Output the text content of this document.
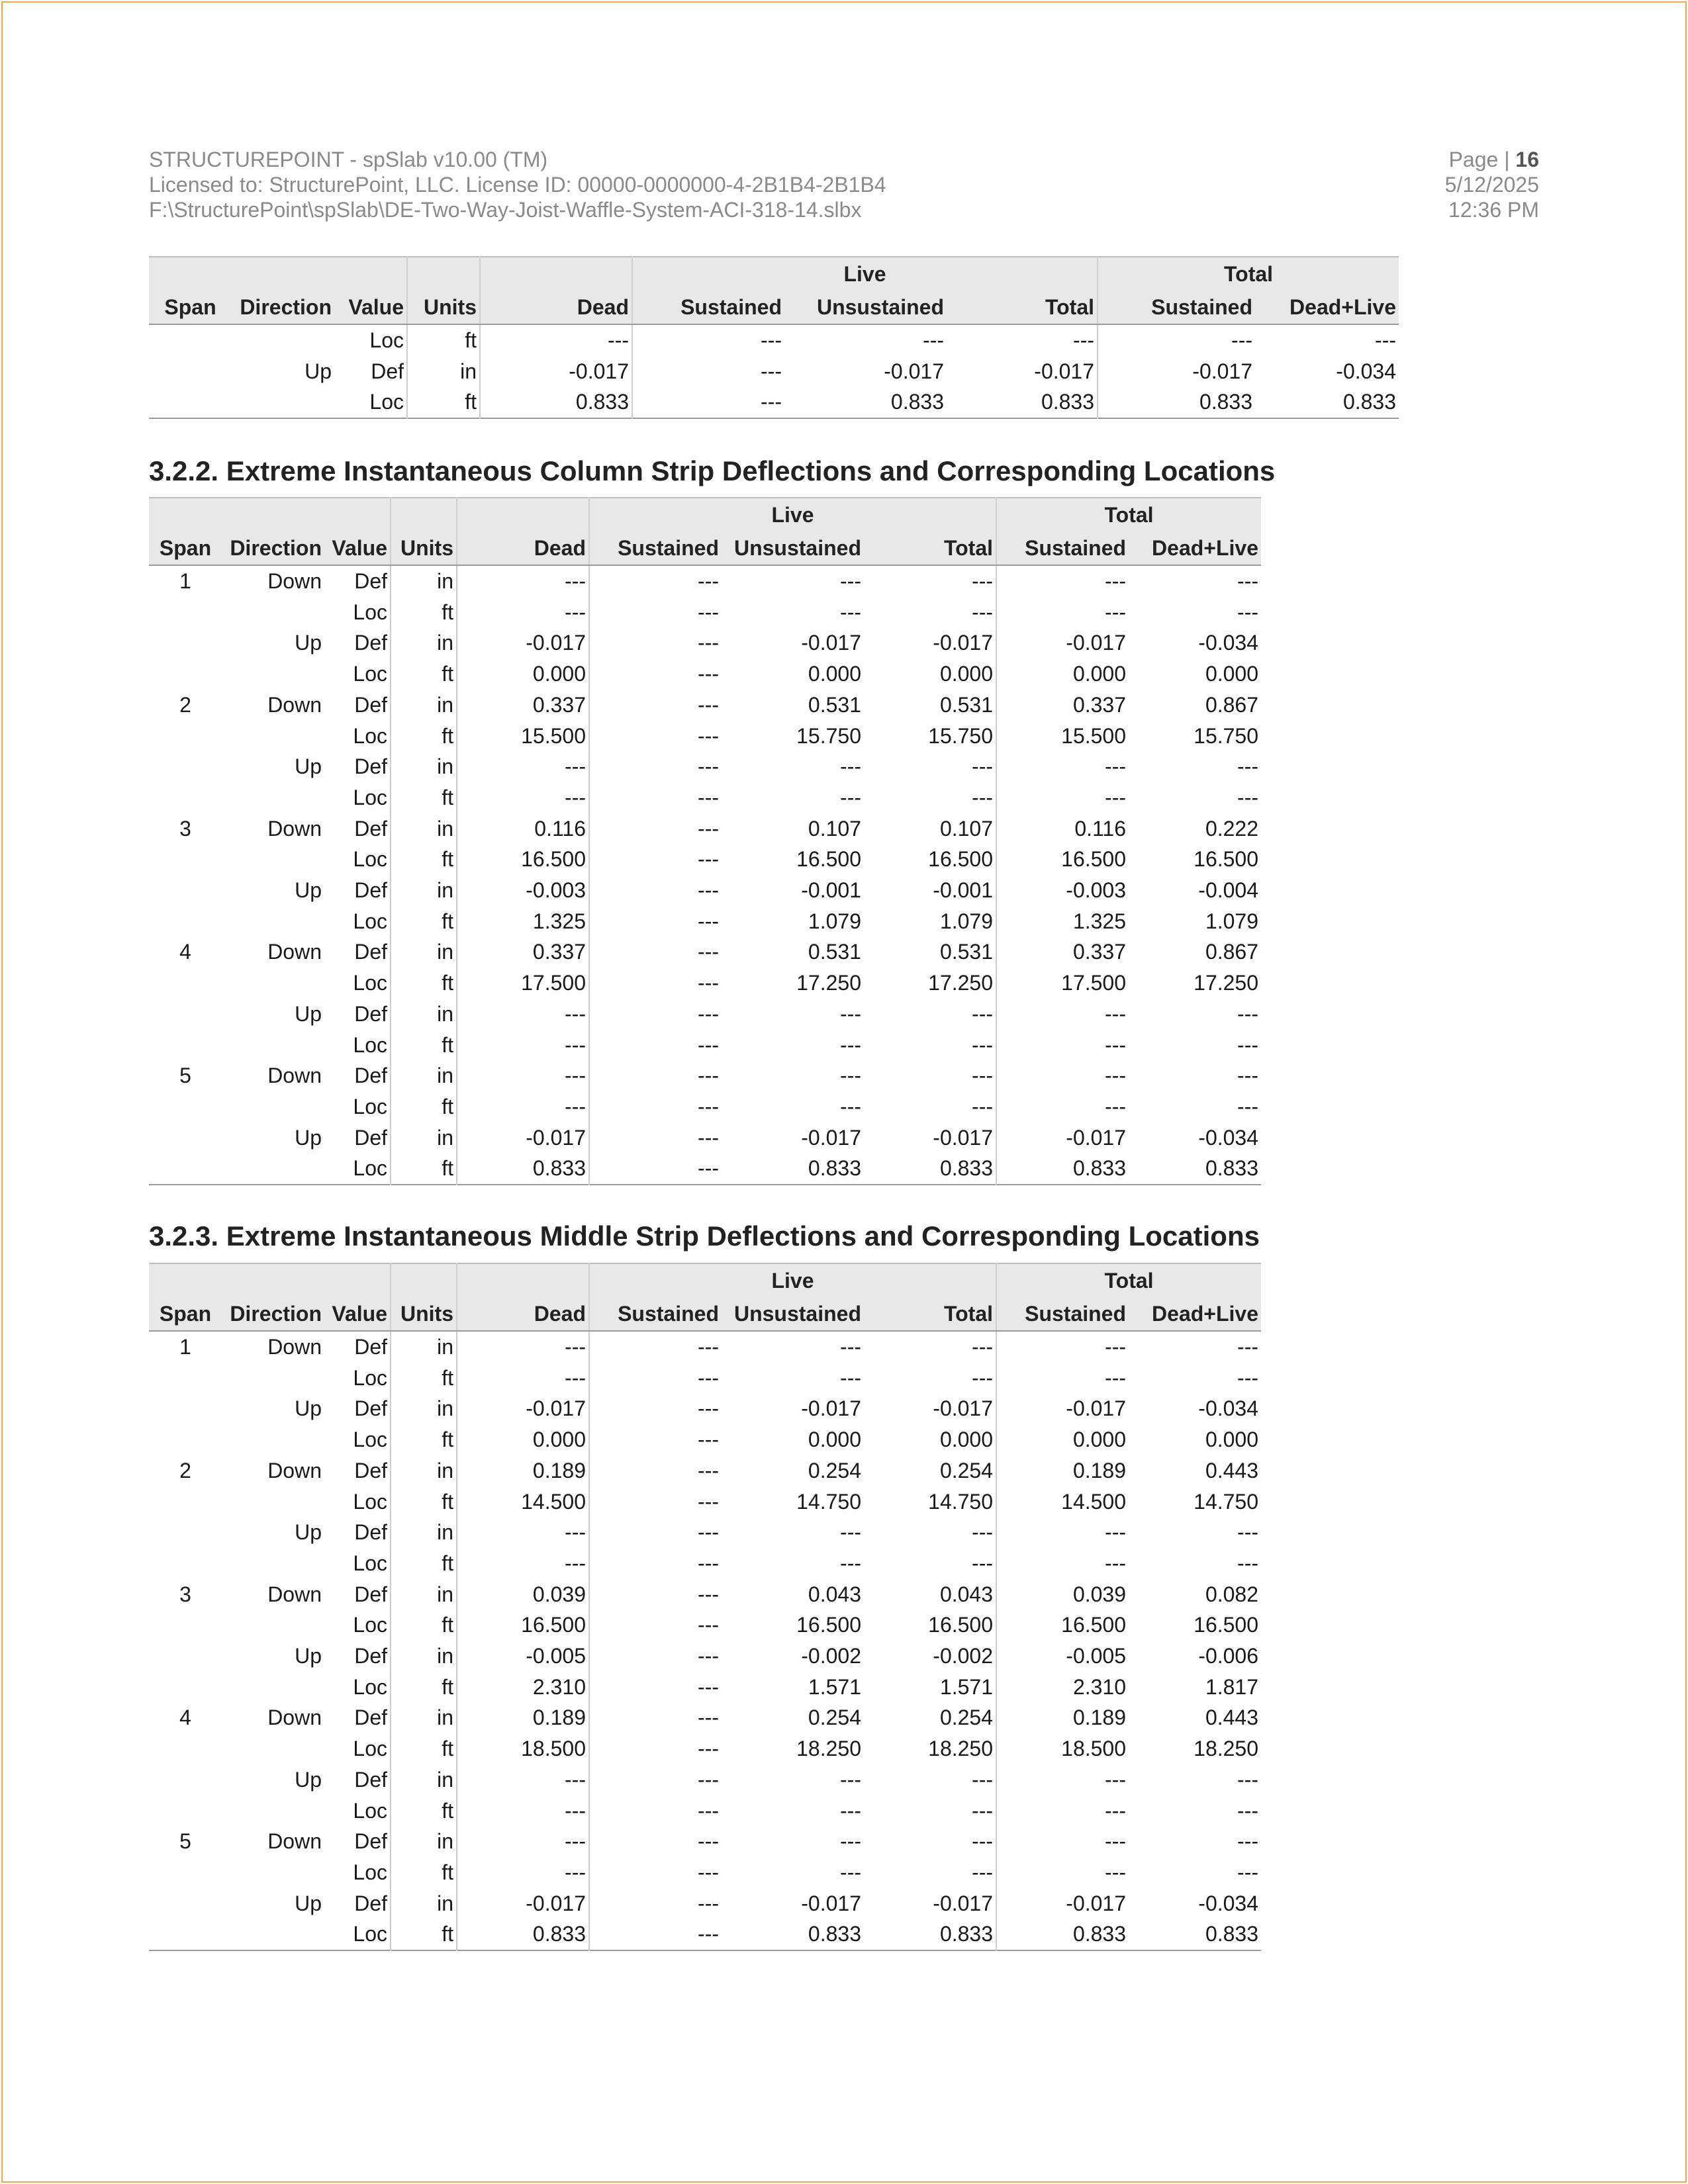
STRUCTUREPOINT - spSlab v10.00 (TM)
Licensed to: StructurePoint, LLC. License ID: 00000-0000000-4-2B1B4-2B1B4
F:\StructurePoint\spSlab\DE-Two-Way-Joist-Waffle-System-ACI-318-14.slbx
Page | 16
5/12/2025
12:36 PM
					Live			Total	
Span	Direction	Value	Units	Dead	Sustained	Unsustained	Total	Sustained	Dead+Live
		Loc	ft	---	---	---	---	---	---
	Up	Def	in	-0.017	---	-0.017	-0.017	-0.017	-0.034
		Loc	ft	0.833	---	0.833	0.833	0.833	0.833
3.2.2. Extreme Instantaneous Column Strip Deflections and Corresponding Locations
					Live			Total	
Span	Direction	Value	Units	Dead	Sustained	Unsustained	Total	Sustained	Dead+Live
1	Down	Def	in	---	---	---	---	---	---
		Loc	ft	---	---	---	---	---	---
	Up	Def	in	-0.017	---	-0.017	-0.017	-0.017	-0.034
		Loc	ft	0.000	---	0.000	0.000	0.000	0.000
2	Down	Def	in	0.337	---	0.531	0.531	0.337	0.867
		Loc	ft	15.500	---	15.750	15.750	15.500	15.750
	Up	Def	in	---	---	---	---	---	---
		Loc	ft	---	---	---	---	---	---
3	Down	Def	in	0.116	---	0.107	0.107	0.116	0.222
		Loc	ft	16.500	---	16.500	16.500	16.500	16.500
	Up	Def	in	-0.003	---	-0.001	-0.001	-0.003	-0.004
		Loc	ft	1.325	---	1.079	1.079	1.325	1.079
4	Down	Def	in	0.337	---	0.531	0.531	0.337	0.867
		Loc	ft	17.500	---	17.250	17.250	17.500	17.250
	Up	Def	in	---	---	---	---	---	---
		Loc	ft	---	---	---	---	---	---
5	Down	Def	in	---	---	---	---	---	---
		Loc	ft	---	---	---	---	---	---
	Up	Def	in	-0.017	---	-0.017	-0.017	-0.017	-0.034
		Loc	ft	0.833	---	0.833	0.833	0.833	0.833
3.2.3. Extreme Instantaneous Middle Strip Deflections and Corresponding Locations
					Live			Total	
Span	Direction	Value	Units	Dead	Sustained	Unsustained	Total	Sustained	Dead+Live
1	Down	Def	in	---	---	---	---	---	---
		Loc	ft	---	---	---	---	---	---
	Up	Def	in	-0.017	---	-0.017	-0.017	-0.017	-0.034
		Loc	ft	0.000	---	0.000	0.000	0.000	0.000
2	Down	Def	in	0.189	---	0.254	0.254	0.189	0.443
		Loc	ft	14.500	---	14.750	14.750	14.500	14.750
	Up	Def	in	---	---	---	---	---	---
		Loc	ft	---	---	---	---	---	---
3	Down	Def	in	0.039	---	0.043	0.043	0.039	0.082
		Loc	ft	16.500	---	16.500	16.500	16.500	16.500
	Up	Def	in	-0.005	---	-0.002	-0.002	-0.005	-0.006
		Loc	ft	2.310	---	1.571	1.571	2.310	1.817
4	Down	Def	in	0.189	---	0.254	0.254	0.189	0.443
		Loc	ft	18.500	---	18.250	18.250	18.500	18.250
	Up	Def	in	---	---	---	---	---	---
		Loc	ft	---	---	---	---	---	---
5	Down	Def	in	---	---	---	---	---	---
		Loc	ft	---	---	---	---	---	---
	Up	Def	in	-0.017	---	-0.017	-0.017	-0.017	-0.034
		Loc	ft	0.833	---	0.833	0.833	0.833	0.833
